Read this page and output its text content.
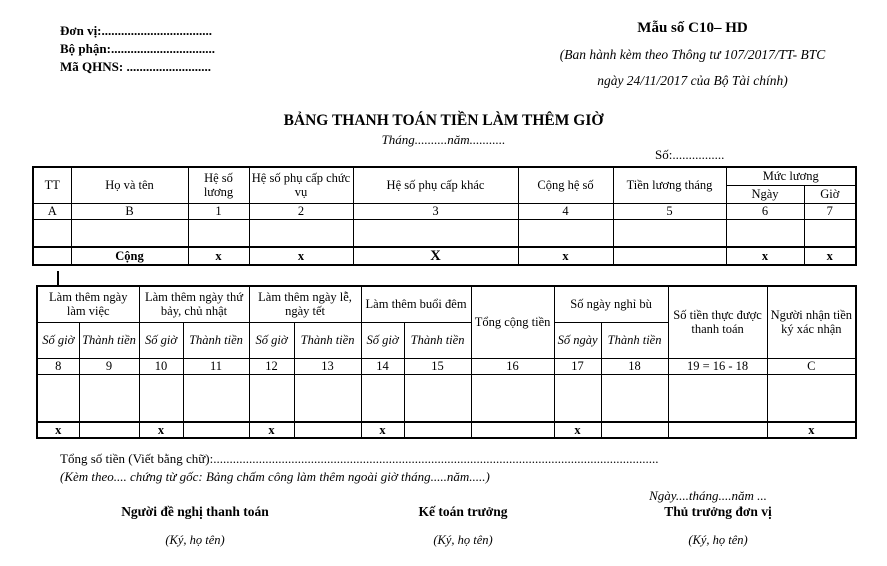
Đơn vị:..................................
Bộ phận:................................
Mã QHNS: ..........................
Mẫu số C10– HD
(Ban hành kèm theo Thông tư 107/2017/TT- BTC
ngày 24/11/2017 của Bộ Tài chính)
BẢNG THANH TOÁN TIỀN LÀM THÊM GIỜ
Tháng..........năm...........
Số:................
TT	Họ và tên	Hệ số lương	Hệ số phụ cấp chức vụ	Hệ số phụ cấp khác	Cộng hệ số	Tiền lương tháng	Mức lương	
							Ngày	Giờ
A	B	1	2	3	4	5	6	7

	Cộng	x	x	X	x		x	x
Làm thêm ngày làm việc		Làm thêm ngày thứ bảy, chủ nhật		Làm thêm ngày lễ, ngày tết		Làm thêm buổi đêm		Tổng cộng tiền	Số ngày nghỉ bù		Số tiền thực được thanh toán	Người nhận tiền ký xác nhận
Số giờ	Thành tiền	Số giờ	Thành tiền	Số giờ	Thành tiền	Số giờ	Thành tiền		Số ngày	Thành tiền		
8	9	10	11	12	13	14	15	16	17	18	19 = 16 - 18	C

x		x		x		x			x			x
Tổng số tiền (Viết bằng chữ):.........................................................................................................................................
(Kèm theo.... chứng từ gốc: Bảng chấm công làm thêm ngoài giờ tháng.....năm.....)
Ngày....tháng....năm ...
Người đề nghị thanh toán
(Ký, họ tên)
Kế toán trưởng
(Ký, họ tên)
Thủ trưởng đơn vị
(Ký, họ tên)
